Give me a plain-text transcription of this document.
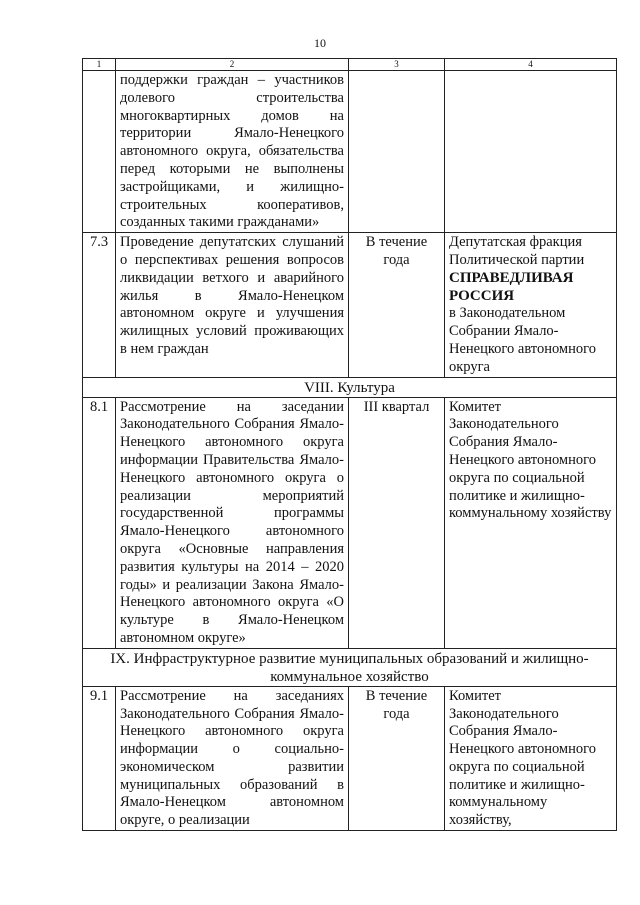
10
1	2	3	4
	поддержки граждан – участников долевого строительства многоквартирных домов на территории Ямало-Ненецкого автономного округа, обязательства перед которыми не выполнены застройщиками, и жилищно-строительных кооперативов, созданных такими гражданами»		
7.3	Проведение депутатских слушаний о перспективах решения вопросов ликвидации ветхого и аварийного жилья в Ямало-Ненецком автономном округе и улучшения жилищных условий проживающих в нем граждан	В течение года	Депутатская фракция Политической партии
СПРАВЕДЛИВАЯ РОССИЯ
в Законодательном Собрании Ямало-Ненецкого автономного округа

VIII. Культура			
8.1	Рассмотрение на заседании Законодательного Собрания Ямало-Ненецкого автономного округа информации Правительства Ямало-Ненецкого автономного округа о реализации мероприятий государственной программы Ямало-Ненецкого автономного округа «Основные направления развития культуры на 2014 – 2020 годы» и реализации Закона Ямало-Ненецкого автономного округа «О культуре в Ямало-Ненецком автономном округе»	III квартал	Комитет Законодательного Собрания Ямало-Ненецкого автономного округа по социальной политике и жилищно-коммунальному хозяйству

IX. Инфраструктурное развитие муниципальных образований и жилищно-коммунальное хозяйство			
9.1	Рассмотрение на заседаниях Законодательного Собрания Ямало-Ненецкого автономного округа информации о социально-экономическом развитии муниципальных образований в Ямало-Ненецком автономном округе, о реализации	В течение года	Комитет Законодательного Собрания Ямало-Ненецкого автономного округа по социальной политике и жилищно-коммунальному хозяйству,
